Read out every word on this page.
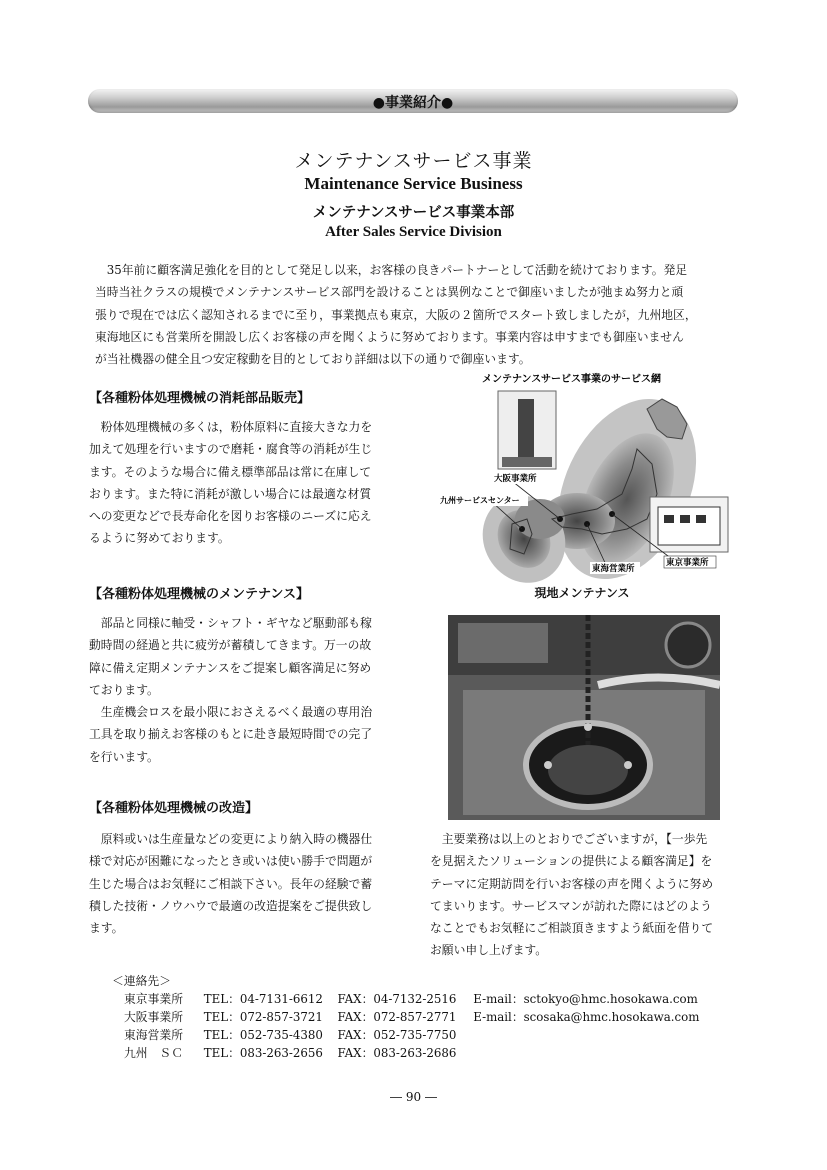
●事業紹介●
メンテナンスサービス事業
Maintenance Service Business
メンテナンスサービス事業本部
After Sales Service Division
　35年前に顧客満足強化を目的として発足し以来，お客様の良きパートナーとして活動を続けております。発足
当時当社クラスの規模でメンテナンスサービス部門を設けることは異例なことで御座いましたが弛まぬ努力と頑
張りで現在では広く認知されるまでに至り，事業拠点も東京，大阪の２箇所でスタート致しましたが，九州地区，
東海地区にも営業所を開設し広くお客様の声を聞くように努めております。事業内容は申すまでも御座いません
が当社機器の健全且つ安定稼動を目的としており詳細は以下の通りで御座います。
【各種粉体処理機械の消耗部品販売】
　粉体処理機械の多くは，粉体原料に直接大きな力を
加えて処理を行いますので磨耗・腐食等の消耗が生じ
ます。そのような場合に備え標準部品は常に在庫して
おります。また特に消耗が激しい場合には最適な材質
への変更などで長寿命化を図りお客様のニーズに応え
るように努めております。
【各種粉体処理機械のメンテナンス】
　部品と同様に軸受・シャフト・ギヤなど駆動部も稼
動時間の経過と共に疲労が蓄積してきます。万一の故
障に備え定期メンテナンスをご提案し顧客満足に努め
ております。
　生産機会ロスを最小限におさえるべく最適の専用治
工具を取り揃えお客様のもとに赴き最短時間での完了
を行います。
【各種粉体処理機械の改造】
　原料或いは生産量などの変更により納入時の機器仕
様で対応が困難になったとき或いは使い勝手で問題が
生じた場合はお気軽にご相談下さい。長年の経験で蓄
積した技術・ノウハウで最適の改造提案をご提供致し
ます。
　主要業務は以上のとおりでございますが，【一歩先
を見据えたソリューションの提供による顧客満足】を
テーマに定期訪問を行いお客様の声を聞くように努め
てまいります。サービスマンが訪れた際にはどのよう
なことでもお気軽にご相談頂きますよう紙面を借りて
お願い申し上げます。
メンテナンスサービス事業のサービス網
大阪事業所
九州サービスセンター
東海営業所
東京事業所
現地メンテナンス
＜連絡先＞
東京事業所 TEL：04-7131-6612 FAX：04-7132-2516 E-mail：sctokyo@hmc.hosokawa.com
大阪事業所 TEL：072-857-3721 FAX：072-857-2771 E-mail：scosaka@hmc.hosokawa.com
東海営業所 TEL：052-735-4380 FAX：052-735-7750
九州　ＳＣ TEL：083-263-2656 FAX：083-263-2686
― 90 ―
